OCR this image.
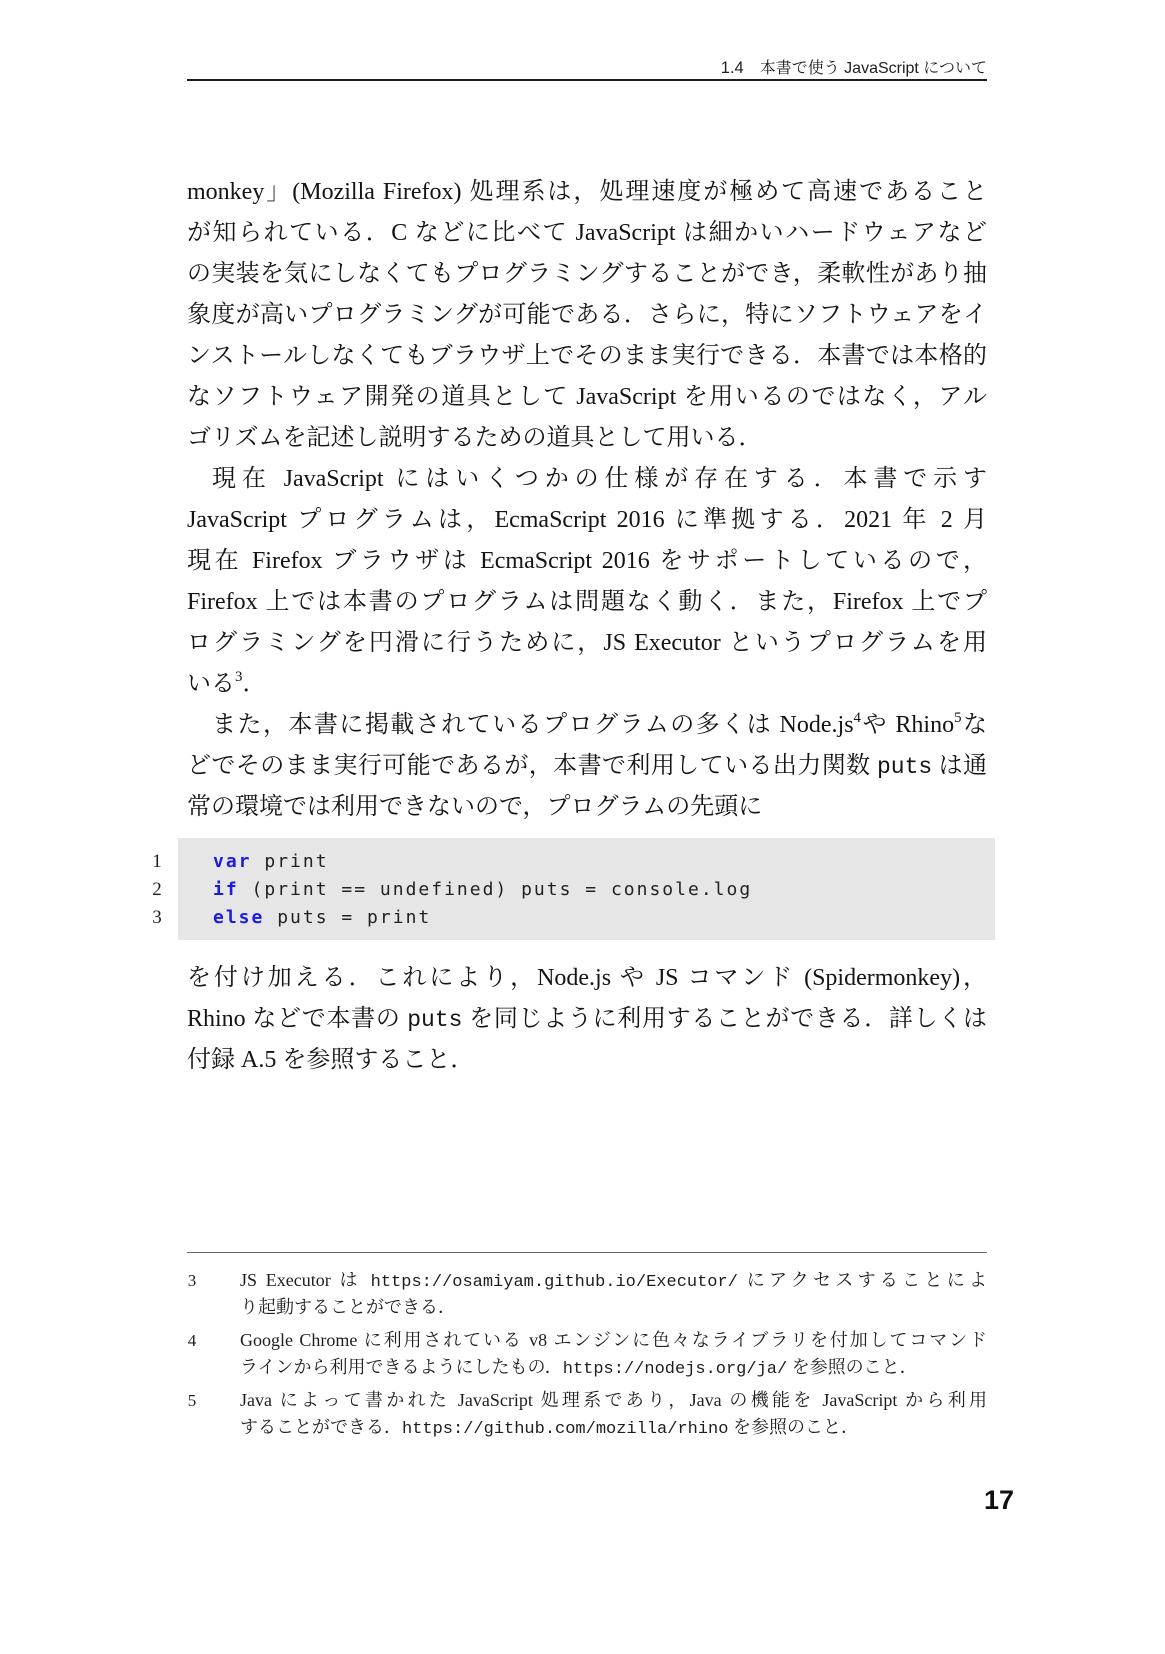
1.4 本書で使う JavaScript について
monkey」(Mozilla Firefox) 処理系は，処理速度が極めて高速であること
が知られている．C などに比べて JavaScript は細かいハードウェアなど
の実装を気にしなくてもプログラミングすることができ，柔軟性があり抽
象度が高いプログラミングが可能である．さらに，特にソフトウェアをイ
ンストールしなくてもブラウザ上でそのまま実行できる．本書では本格的
なソフトウェア開発の道具として JavaScript を用いるのではなく，アル
ゴリズムを記述し説明するための道具として用いる．
現在 JavaScript にはいくつかの仕様が存在する．本書で示す
JavaScript プログラムは，EcmaScript 2016 に準拠する．2021 年 2 月
現在 Firefox ブラウザは EcmaScript 2016 をサポートしているので，
Firefox 上では本書のプログラムは問題なく動く．また，Firefox 上でプ
ログラミングを円滑に行うために，JS Executor というプログラムを用
いる$^3$．
また，本書に掲載されているプログラムの多くは $Node.js^4$や Rhino$^5$な
どでそのまま実行可能であるが，本書で利用している出力関数 puts は通
常の環境では利用できないので，プログラムの先頭に
1
2
3
var print
if (print == undefined) puts = console.log
else puts = print
を付け加える．これにより，Node.js や JS コマンド (Spidermonkey)，
Rhino などで本書の puts を同じように利用することができる．詳しくは
付録 A.5 を参照すること．
3 JS Executor は https://osamiyam.github.io/Executor/ にアクセスすることによ
り起動することができる．
4 Google Chrome に利用されている v8 エンジンに色々なライブラリを付加してコマンド
ラインから利用できるようにしたもの．https://nodejs.org/ja/ を参照のこと．
5 Java によって書かれた JavaScript 処理系であり，Java の機能を JavaScript から利用
することができる．https://github.com/mozilla/rhino を参照のこと．
17
